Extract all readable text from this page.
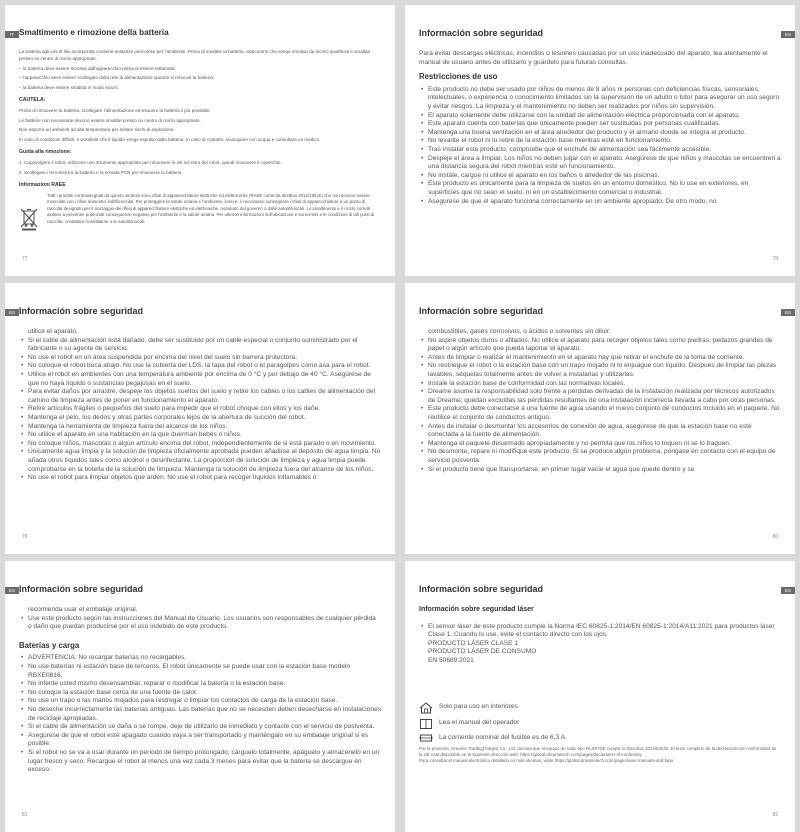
IT Smaltimento e rimozione della batteria

La batteria agli ioni di litio incorporata contiene sostanze pericolose per l'ambiente. Prima di smaltire la batteria, assicurarsi che venga rimossa da tecnici qualificati e smaltita presso un centro di riciclo appropriato.

– la batteria deve essere rimossa dall'apparecchio prima di essere rottamata;

– l'apparecchio deve essere scollegato dalla rete di alimentazione quando si rimuove la batteria;

– la batteria deve essere smaltita in modo sicuro.

CAUTELA:

Prima di rimuovere la batteria, scollegare l'alimentazione ed esaurire la batteria il più possibile.

Le batterie non necessarie devono essere smaltite presso un centro di riciclo appropriato.

Non esporre ad ambienti ad alta temperatura per evitare rischi di esplosione.

In caso di condizioni difficili, è possibile che il liquido venga espulso dalla batteria. In caso di contatto, sciacquare con acqua e consultare un medico.

Guida alla rimozione:

1. Capovolgere il robot, utilizzare uno strumento appropriato per rimuovere le viti sul retro del robot, quindi rimuovere il coperchio.

2. Scollegare i terminali tra la batteria e la scheda PCB per rimuovere la batteria.

Informazioni RAEE
Tutti i prodotti contrassegnati da questo simbolo sono rifiuti di apparecchiature elettriche ed elettroniche (RAEE come da direttiva 2012/19/UE) che non devono essere mescolati con i rifiuti domestici indifferenziati. Per proteggere la salute umana e l'ambiente, invece, è necessario consegnare i rifiuti di apparecchiature a un punto di raccolta designato per il riciclaggio dei rifiuti di apparecchiature elettriche ed elettroniche, nominato dal governo o dalle autorità locali. Lo smaltimento e il riciclo corretti aiutano a prevenire potenziali conseguenze negative per l'ambiente e la salute umana. Per ulteriori informazioni sull'ubicazione e sui termini e le condizioni di tali punti di raccolta, contattare l'installatore o le autorità locali.
77
ES
Información sobre seguridad

Para evitar descargas eléctricas, incendios o lesiones causadas por un uso inadecuado del aparato, lea atentamente el manual de usuario antes de utilizarlo y guárdelo para futuras consultas.

Restricciones de uso
• Este producto no debe ser usado por niños de menos de 8 años ni personas con deficiencias físicas, sensoriales, intelectuales, o experiencia o conocimiento limitados sin la supervisión de un adulto o tutor para asegurar un uso seguro y evitar riesgos. La limpieza y el mantenimiento no deben ser realizados por niños sin supervisión.
• El aparato solamente debe utilizarse con la unidad de alimentación eléctrica proporcionada con el aparato.
• Este aparato cuenta con baterías que únicamente pueden ser sustituidas por personas cualificadas.
• Mantenga una buena ventilación en el área alrededor del producto y el armario donde se integra el producto.
• No levante el robot ni lo retire de la estación base mientras esté en funcionamiento.
• Tras instalar este producto, compruebe que el enchufe de alimentación sea fácilmente accesible.
• Despeje el área a limpiar. Los niños no deben jugar con el aparato. Asegúrese de que niños y mascotas se encuentren a una distancia segura del robot mientras esté en funcionamiento.
• No instale, cargue ni utilice el aparato en los baños o alrededor de las piscinas.
• Este producto es únicamente para la limpieza de suelos en un entorno doméstico. No lo use en exteriores, en superficies que no sean el suelo, ni en un establecimiento comercial o industrial.
• Asegúrese de que el aparato funciona correctamente en un ambiente apropiado. De otro modo, no
78
ES Información sobre seguridad
utilice el aparato.
• Si el cable de alimentación está dañado, debe ser sustituido por un cable especial o conjunto suministrado por el fabricante o su agente de servicio.
• No use el robot en un área suspendida por encima del nivel del suelo sin barrera protectora.
• No coloque el robot boca abajo. No use la cubierta del LDS, la tapa del robot o el paragolpes como asa para el robot.
• Utilice el robot en ambientes con una temperatura ambiente por encima de 0 °C y por debajo de 40 °C. Asegúrese de que no haya líquido o sustancias pegajosas en el suelo.
• Para evitar daños por arrastre, despeje los objetos sueltos del suelo y retire los cables o los cables de alimentación del camino de limpieza antes de poner en funcionamiento el aparato.
• Retire artículos frágiles o pequeños del suelo para impedir que el robot choque con ellos y los dañe.
• Mantenga el pelo, los dedos y otras partes corporales lejos de la abertura de succión del robot.
• Mantenga la herramienta de limpieza fuera del alcance de los niños.
• No utilice el aparato en una habitación en la que duerman bebés o niños.
• No coloque niños, mascotas o algún artículo encima del robot, independientemente de si está parado o en movimiento.
• Únicamente agua limpia y la solución de limpieza oficialmente aprobada pueden añadirse al depósito de agua limpia. No añada otros líquidos tales como alcohol o desinfectante. La proporción de solución de limpieza y agua limpia puede comprobarse en la botella de la solución de limpieza. Mantenga la solución de limpieza fuera del alcance de los niños.
• No use el robot para limpiar objetos que arden. No use el robot para recoger líquidos inflamables o
79
ES
Información sobre seguridad
combustibles, gases corrosivos, o ácidos o solventes sin diluir.
• No aspire objetos duros o afilados. No utilice el aparato para recoger objetos tales como piedras, pedazos grandes de papel o algún artículo que pueda taponar el aparato.
• Antes de limpiar o realizar el mantenimiento en el aparato hay que retirar el enchufe de la toma de corriente.
• No restriegue el robot o la estación base con un trapo mojado ni lo enjuague con líquido. Después de limpiar las piezas lavables, séquelas totalmente antes de volver a instalarlas y utilizarlas.
• Instale la estación base de conformidad con las normativas locales.
• Dreame asume la responsabilidad solo frente a pérdidas derivadas de la instalación realizada por técnicos autorizados de Dreame; quedan excluidas las pérdidas resultantes de una instalación incorrecta llevada a cabo por otras personas.
• Este producto debe conectarse a una fuente de agua usando el nuevo conjunto de conductos incluido en el paquete. No reutilice el conjunto de conductos antiguo.
• Antes de instalar o desmontar los accesorios de conexión de agua, asegúrese de que la estación base no esté conectada a la fuente de alimentación.
• Mantenga el paquete desarmado apropiadamente y no permita que los niños lo toquen ni se lo traguen.
• No desmonte, repare ni modifique este producto. Si se produce algún problema, póngase en contacto con el equipo de servicio posventa.
• Si el producto tiene que transportarse, en primer lugar vacíe el agua que quede dentro y se
80
ES Información sobre seguridad
recomienda usar el embalaje original.
• Use este producto según las instrucciones del Manual de Usuario. Los usuarios son responsables de cualquier pérdida o daño que puedan producirse por el uso indebido de este producto.
Baterías y carga
• ADVERTENCIA: No recargar baterías no recargables.
• No use baterías ni estación base de terceros. El robot únicamente se puede usar con la estación base modelo RBXE0816.
• No intente usted mismo desensamblar, reparar o modificar la batería o la estación base.
• No coloque la estación base cerca de una fuente de calor.
• No use un trapo o las manos mojados para restregar o limpiar los contactos de carga de la estación base.
• No deseche incorrectamente las baterías antiguas. Las baterías que no se necesiten deben desecharse en instalaciones de reciclaje apropiadas.
• Si el cable de alimentación se daña o se rompe, deje de utilizarlo de inmediato y contacte con el servicio de postventa.
• Asegúrese de que el robot esté apagado cuando vaya a ser transportado y manténgalo en su embalaje original si es posible.
• Si el robot no se va a usar durante un período de tiempo prolongado, cárguelo totalmente, apáguelo y almacénelo en un lugar fresco y seco. Recargue el robot al menos una vez cada 3 meses para evitar que la batería se descargue en exceso.
81
ES
Información sobre seguridad
Información sobre seguridad láser
• El sensor láser de este producto cumple la Norma IEC 60825-1:2014/EN 60825-1:2014/A11:2021 para productos láser Clase 1. Cuando lo use, evite el contacto directo con los ojos.
PRODUCTO LÁSER CLASE 1
PRODUCTO LÁSER DE CONSUMO
EN 50689:2021
Solo para uso en interiores
i Lea el manual del operador
La corriente nominal del fusible es de 6,3 A.
Por la presente, Dreame Trading(Tianjin) Co., Ltd. declara que el equipo de radio tipo RLX97DE cumple la Directiva 2014/53/UE. El texto completo de la declaración de conformidad de la UE está disponible en la siguiente dirección web: https://global.dreametech.com/pages/declaration-of-conformity
Para consultar el manual electrónico detallado en más idiomas, visite https://global.dreametech.com/pages/user-manuals-and-faqs
82
